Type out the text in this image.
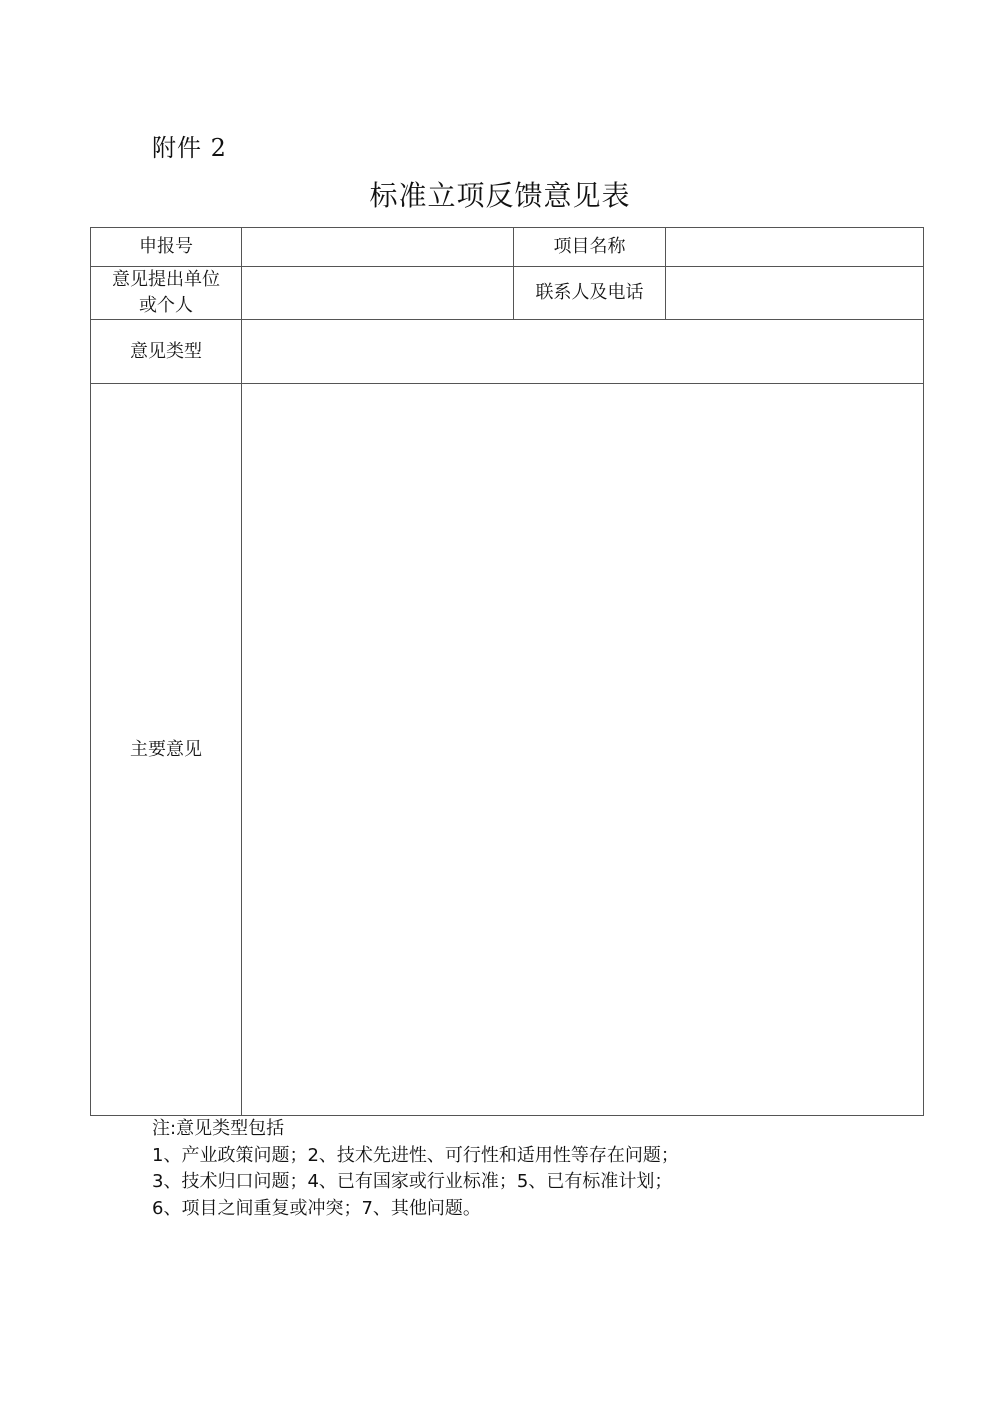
附件 2
标准立项反馈意见表
申报号		项目名称	

意见提出单位
或个人		联系人及电话	
意见类型			
主要意见			
注:意见类型包括
1、产业政策问题；2、技术先进性、可行性和适用性等存在问题；
3、技术归口问题；4、已有国家或行业标准；5、已有标准计划；
6、项目之间重复或冲突；7、其他问题。
